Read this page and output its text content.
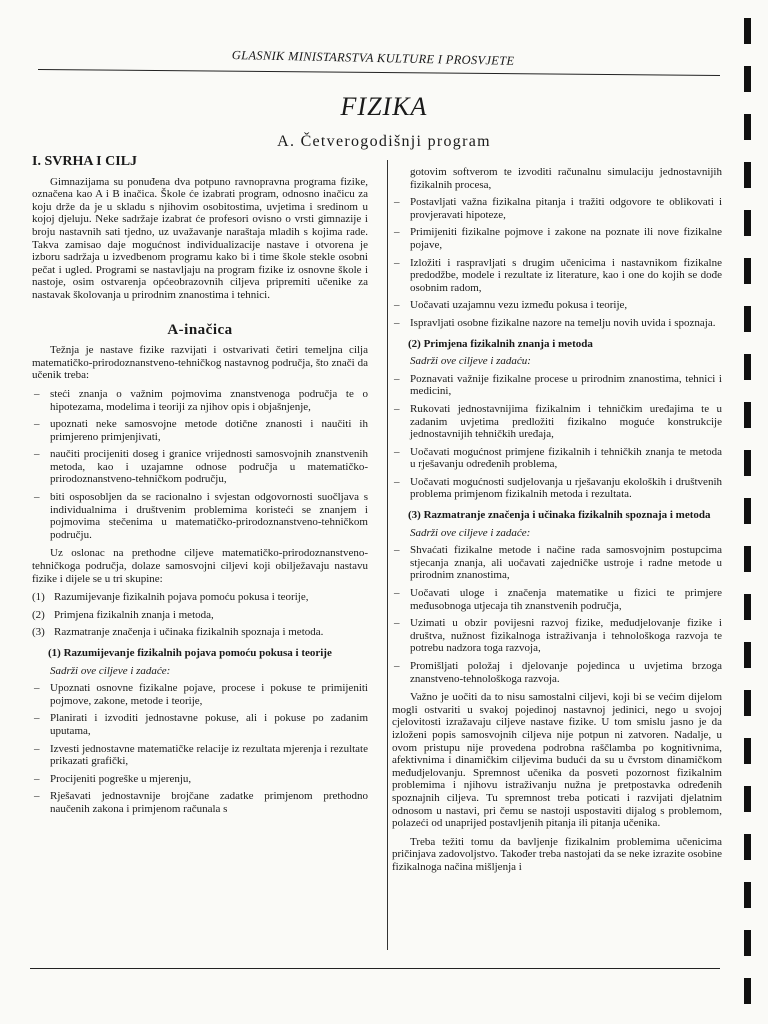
GLASNIK MINISTARSTVA KULTURE I PROSVJETE
FIZIKA
A. Četverogodišnji program
I. SVRHA I CILJ

Gimnazijama su ponuđena dva potpuno ravnopravna programa fizike, označena kao A i B inačica. Škole će izabrati program, odnosno inačicu za koju drže da je u skladu s njihovim osobitostima, uvjetima i sredinom u kojoj djeluju. Neke sadržaje izabrat će profesori ovisno o vrsti gimnazije i broju nastavnih sati tjedno, uz uvažavanje naraštaja mladih s kojima rade. Takva zamisao daje mogućnost individualizacije nastave i otvorena je izboru sadržaja u izvedbenom programu kako bi i time škole stekle osobni pečat i ugled. Programi se nastavljaju na program fizike iz osnovne škole i nastoje, osim ostvarenja općeobrazovnih ciljeva pripremiti učenike za nastavak školovanja u prirodnim znanostima i tehnici.

A-inačica

Težnja je nastave fizike razvijati i ostvarivati četiri temeljna cilja matematičko-prirodoznanstveno-tehničkog nastavnog područja, što znači da učenik treba:

– steći znanja o važnim pojmovima znanstvenoga područja te o hipotezama, modelima i teoriji za njihov opis i objašnjenje,
– upoznati neke samosvojne metode dotične znanosti i naučiti ih primjereno primjenjivati,
– naučiti procijeniti doseg i granice vrijednosti samosvojnih znanstvenih metoda, kao i uzajamne odnose područja u matematičko-prirodoznanstveno-tehničkom području,
– biti osposobljen da se racionalno i svjestan odgovornosti suočljava s individualnima i društvenim problemima koristeći se znanjem i pojmovima stečenima u matematičko-prirodoznanstveno-tehničkom području.

Uz oslonac na prethodne ciljeve matematičko-prirodoznanstveno-tehničkoga područja, dolaze samosvojni ciljevi koji obilježavaju nastavu fizike i dijele se u tri skupine:

(1) Razumijevanje fizikalnih pojava pomoću pokusa i teorije,
(2) Primjena fizikalnih znanja i metoda,
(3) Razmatranje značenja i učinaka fizikalnih spoznaja i metoda.
(1) Razumijevanje fizikalnih pojava pomoću pokusa i teorije
Sadrži ove ciljeve i zadaće:
– Upoznati osnovne fizikalne pojave, procese i pokuse te primijeniti pojmove, zakone, metode i teorije,
– Planirati i izvoditi jednostavne pokuse, ali i pokuse po zadanim uputama,
– Izvesti jednostavne matematičke relacije iz rezultata mjerenja i rezultate prikazati grafički,
– Procijeniti pogreške u mjerenju,
– Rješavati jednostavnije brojčane zadatke primjenom prethodno naučenih zakona i primjenom računala s
gotovim softverom te izvoditi računalnu simulaciju jednostavnijih fizikalnih procesa,
– Postavljati važna fizikalna pitanja i tražiti odgovore te oblikovati i provjeravati hipoteze,
– Primijeniti fizikalne pojmove i zakone na poznate ili nove fizikalne pojave,
– Izložiti i raspravljati s drugim učenicima i nastavnikom fizikalne predodžbe, modele i rezultate iz literature, kao i one do kojih se dođe osobnim radom,
– Uočavati uzajamnu vezu između pokusa i teorije,
– Ispravljati osobne fizikalne nazore na temelju novih uvida i spoznaja.
(2) Primjena fizikalnih znanja i metoda
Sadrži ove ciljeve i zadaću:
– Poznavati važnije fizikalne procese u prirodnim znanostima, tehnici i medicini,
– Rukovati jednostavnijima fizikalnim i tehničkim uređajima te u zadanim uvjetima predložiti fizikalno moguće konstrukcije jednostavnijih tehničkih uređaja,
– Uočavati mogućnost primjene fizikalnih i tehničkih znanja te metoda u rješavanju određenih problema,
– Uočavati mogućnosti sudjelovanja u rješavanju ekoloških i društvenih problema primjenom fizikalnih metoda i rezultata.
(3) Razmatranje značenja i učinaka fizikalnih spoznaja i metoda
Sadrži ove ciljeve i zadaće:
– Shvaćati fizikalne metode i načine rada samosvojnim postupcima stjecanja znanja, ali uočavati zajedničke ustroje i radne metode u prirodnim znanostima,
– Uočavati uloge i značenja matematike u fizici te primjere međusobnoga utjecaja tih znanstvenih područja,
– Uzimati u obzir povijesni razvoj fizike, međudjelovanje fizike i društva, nužnost fizikalnoga istraživanja i tehnološkoga razvoja te potrebu nadzora toga razvoja,
– Promišljati položaj i djelovanje pojedinca u uvjetima brzoga znanstveno-tehnološkoga razvoja.

Važno je uočiti da to nisu samostalni ciljevi, koji bi se većim dijelom mogli ostvariti u svakoj pojedinoj nastavnoj jedinici, nego u svojoj cjelovitosti izražavaju ciljeve nastave fizike. U tom smislu jasno je da izloženi popis samosvojnih ciljeva nije potpun ni zatvoren. Nadalje, u ovom pristupu nije provedena podrobna raščlamba po kognitivnima, afektivnima i dinamičkim ciljevima budući da su u čvrstom dinamičkom međudjelovanju. Spremnost učenika da posveti pozornost fizikalnim problemima i njihovu istraživanju nužna je pretpostavka određenih spoznajnih ciljeva. Tu spremnost treba poticati i razvijati djelatnim odnosom u nastavi, pri čemu se nastoji uspostaviti dijalog s problemom, polazeći od unaprijed postavljenih pitanja ili pitanja učenika.

Treba težiti tomu da bavljenje fizikalnim problemima učenicima pričinjava zadovoljstvo. Također treba nastojati da se neke izrazite osobine fizikalnoga načina mišljenja i
